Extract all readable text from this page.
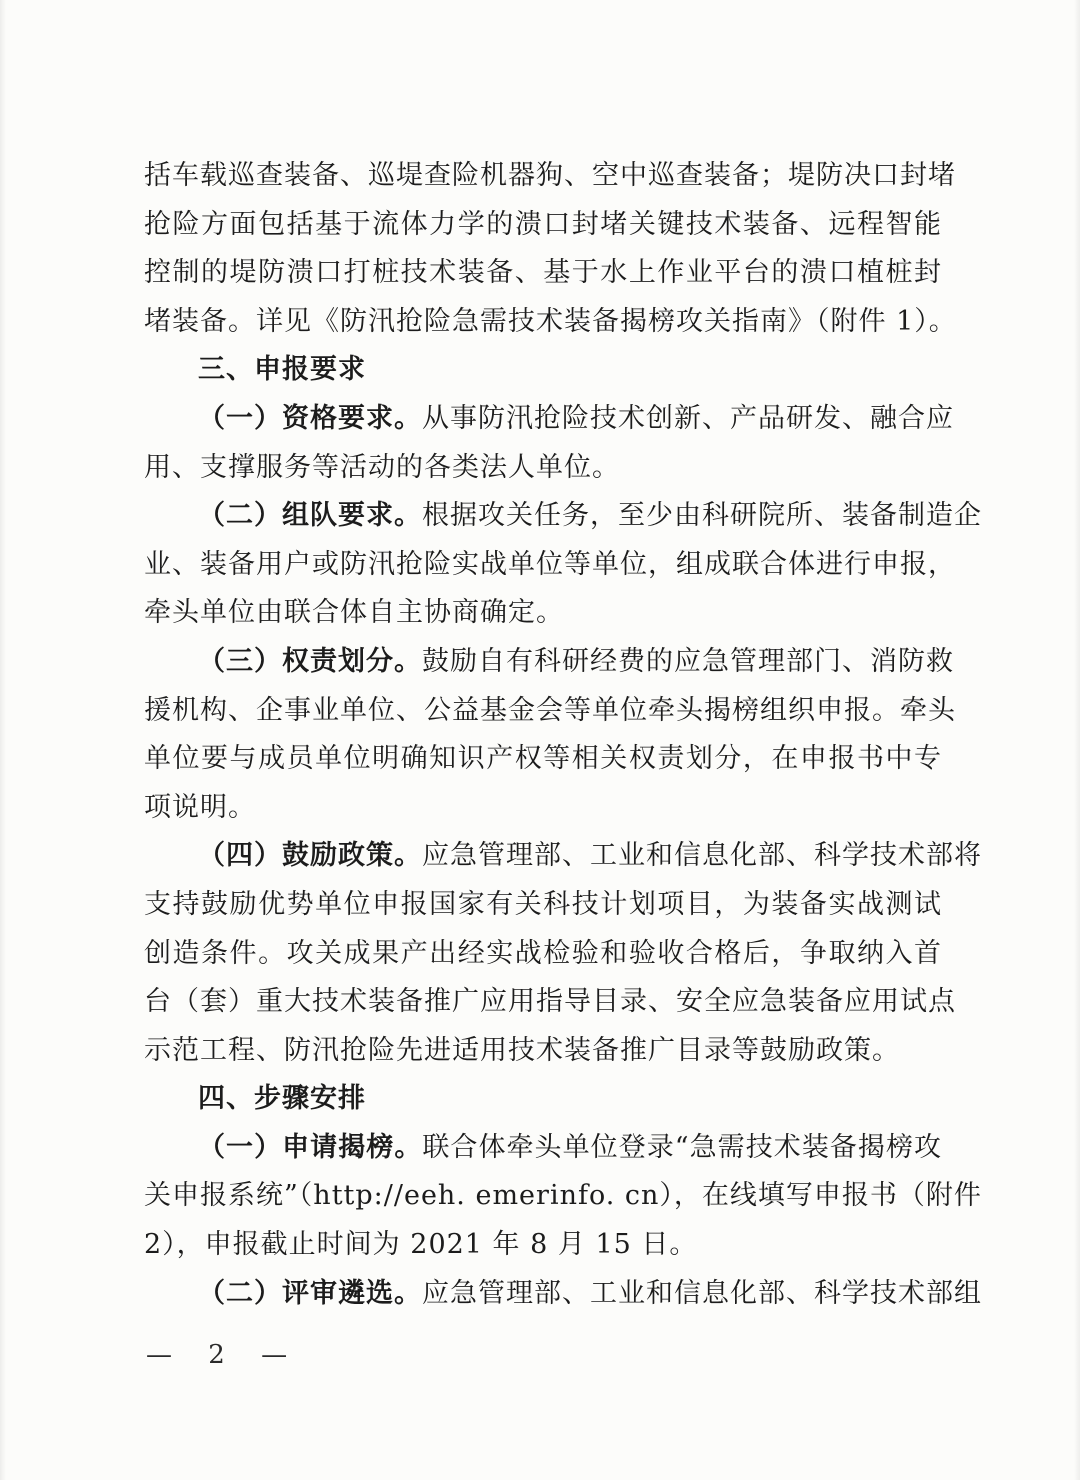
括车载巡查装备、巡堤查险机器狗、空中巡查装备；堤防决口封堵
抢险方面包括基于流体力学的溃口封堵关键技术装备、远程智能
控制的堤防溃口打桩技术装备、基于水上作业平台的溃口植桩封
堵装备。详见《防汛抢险急需技术装备揭榜攻关指南》（附件 1）。
三、申报要求
（一）资格要求。从事防汛抢险技术创新、产品研发、融合应
用、支撑服务等活动的各类法人单位。
（二）组队要求。根据攻关任务，至少由科研院所、装备制造企
业、装备用户或防汛抢险实战单位等单位，组成联合体进行申报，
牵头单位由联合体自主协商确定。
（三）权责划分。鼓励自有科研经费的应急管理部门、消防救
援机构、企事业单位、公益基金会等单位牵头揭榜组织申报。牵头
单位要与成员单位明确知识产权等相关权责划分，在申报书中专
项说明。
（四）鼓励政策。应急管理部、工业和信息化部、科学技术部将
支持鼓励优势单位申报国家有关科技计划项目，为装备实战测试
创造条件。攻关成果产出经实战检验和验收合格后，争取纳入首
台（套）重大技术装备推广应用指导目录、安全应急装备应用试点
示范工程、防汛抢险先进适用技术装备推广目录等鼓励政策。
四、步骤安排
（一）申请揭榜。联合体牵头单位登录“急需技术装备揭榜攻
关申报系统”（http://eeh. emerinfo. cn），在线填写申报书（附件
2），申报截止时间为 2021 年 8 月 15 日。
（二）评审遴选。应急管理部、工业和信息化部、科学技术部组
— 2 —
